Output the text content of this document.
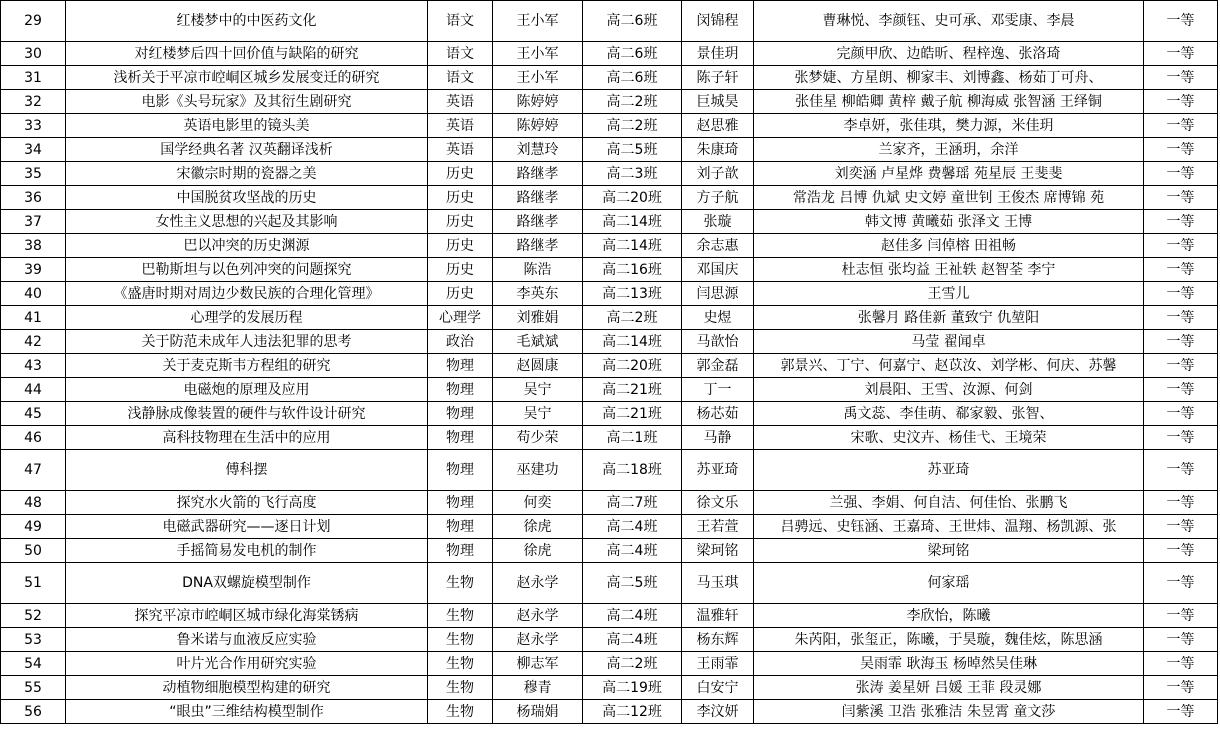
29	红楼梦中的中医药文化	语文	王小军	高二6班	闵锦程	曹琳悦、李颜钰、史可承、邓雯康、李晨	一等
30	对红楼梦后四十回价值与缺陷的研究	语文	王小军	高二6班	景佳玥	完颜甲欣、边皓昕、程梓逸、张洛琦	一等
31	浅析关于平凉市崆峒区城乡发展变迁的研究	语文	王小军	高二6班	陈子轩	张梦婕、方星朗、柳家丰、刘博鑫、杨茹丁可舟、	一等
32	电影《头号玩家》及其衍生剧研究	英语	陈婷婷	高二2班	巨城昊	张佳星 柳皓卿 黄梓 戴子航 柳海威 张智涵 王绎铜	一等
33	英语电影里的镜头美	英语	陈婷婷	高二2班	赵思雅	李卓妍，张佳琪，樊力源，米佳玥	一等
34	国学经典名著 汉英翻译浅析	英语	刘慧玲	高二5班	朱康琦	兰家齐，王涵玥，余洋	一等
35	宋徽宗时期的瓷器之美	历史	路继孝	高二3班	刘子歆	刘奕涵 卢星烨 费馨瑶 苑星辰 王斐斐	一等
36	中国脱贫攻坚战的历史	历史	路继孝	高二20班	方子航	常浩龙 吕博 仇斌 史文婷 童世钊 王俊杰 席博锦 苑	一等
37	女性主义思想的兴起及其影响	历史	路继孝	高二14班	张璇	韩文博 黄曦茹 张泽文 王博	一等
38	巴以冲突的历史渊源	历史	路继孝	高二14班	余志惠	赵佳多 闫倬榕 田祖畅	一等
39	巴勒斯坦与以色列冲突的问题探究	历史	陈浩	高二16班	邓国庆	杜志恒 张均益 王祉轶 赵智荃 李宁	一等
40	《盛唐时期对周边少数民族的合理化管理》	历史	李英东	高二13班	闫思源	王雪儿	一等
41	心理学的发展历程	心理学	刘雅娟	高二2班	史煜	张馨月 路佳新 董致宁 仇堃阳	一等
42	关于防范未成年人违法犯罪的思考	政治	毛斌斌	高二14班	马歆怡	马莹 翟闻卓	一等
43	关于麦克斯韦方程组的研究	物理	赵圆康	高二20班	郭金磊	郭景兴、丁宁、何嘉宁、赵苡汝、刘学彬、何庆、苏馨	一等
44	电磁炮的原理及应用	物理	吴宁	高二21班	丁一	刘晨阳、王雪、汝源、何剑	一等
45	浅静脉成像装置的硬件与软件设计研究	物理	吴宁	高二21班	杨芯茹	禹文蕊、李佳萌、郗家毅、张智、	一等
46	高科技物理在生活中的应用	物理	苟少荣	高二1班	马静	宋歌、史汶卉、杨佳弋、王境荣	一等
47	傅科摆	物理	巫建功	高二18班	苏亚琦	苏亚琦	一等
48	探究水火箭的飞行高度	物理	何奕	高二7班	徐文乐	兰强、李娟、何自洁、何佳怡、张鹏飞	一等
49	电磁武器研究——逐日计划	物理	徐虎	高二4班	王若萱	吕骋远、史钰涵、王嘉琦、王世炜、温翔、杨凯源、张	一等
50	手摇简易发电机的制作	物理	徐虎	高二4班	梁珂铭	梁珂铭	一等
51	DNA双螺旋模型制作	生物	赵永学	高二5班	马玉琪	何家瑶	一等
52	探究平凉市崆峒区城市绿化海棠锈病	生物	赵永学	高二4班	温雅轩	李欣怡，陈曦	一等
53	鲁米诺与血液反应实验	生物	赵永学	高二4班	杨东辉	朱芮阳，张玺正，陈曦，于昊璇，魏佳炫，陈思涵	一等
54	叶片光合作用研究实验	生物	柳志军	高二2班	王雨霏	吴雨霏 耿海玉 杨晫然吴佳琳	一等
55	动植物细胞模型构建的研究	生物	穆青	高二19班	白安宁	张涛 姜星妍 吕媛 王菲 段灵娜	一等
56	“眼虫”三维结构模型制作	生物	杨瑞娟	高二12班	李汶妍	闫紫溪 卫浩 张雅洁 朱昱霄 童文莎	一等
